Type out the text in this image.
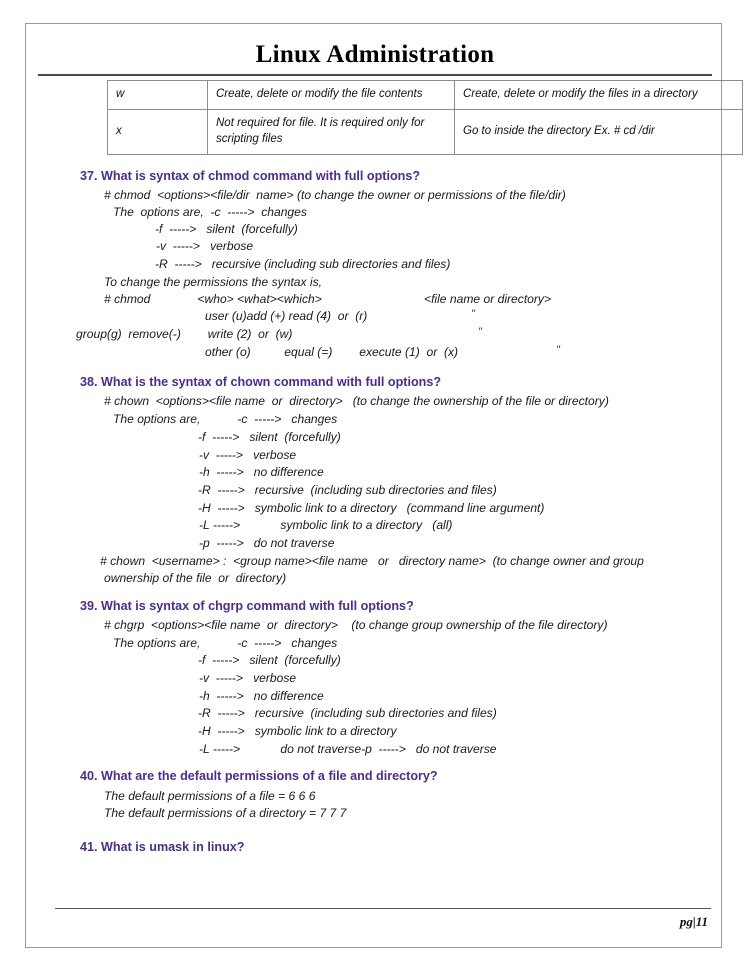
Linux Administration
w	Create, delete or modify the file contents	Create, delete or modify the files in a directory
x	Not required for file. It is required only for scripting files	Go to inside the directory Ex. # cd /dir
37. What is syntax of chmod command with full options?
# chmod  <options><file/dir  name> (to change the owner or permissions of the file/dir)
The  options are,  -c  ----->  changes
-f  ----->   silent  (forcefully)
-v  ----->   verbose
-R  ----->   recursive (including sub directories and files)
To change the permissions the syntax is,
# chmod              <who> <what><which>	<file name or directory>
user (u)add (+) read (4)  or  (r)
group(g)  remove(-)        write (2)  or  (w)
other (o)          equal (=)        execute (1)  or  (x)
"
"
"
38. What is the syntax of chown command with full options?
# chown  <options><file name  or  directory>   (to change the ownership of the file or directory)
The options are,           -c  ----->   changes
-f  ----->   silent  (forcefully)
-v  ----->   verbose
-h  ----->   no difference
-R  ----->   recursive  (including sub directories and files)
-H  ----->   symbolic link to a directory   (command line argument)
-L ----->            symbolic link to a directory   (all)
-p  ----->   do not traverse
# chown  <username> :  <group name><file name   or   directory name>  (to change owner and group
ownership of the file  or  directory)
39. What is syntax of chgrp command with full options?
# chgrp  <options><file name  or  directory>    (to change group ownership of the file directory)
The options are,           -c  ----->   changes
-f  ----->   silent  (forcefully)
-v  ----->   verbose
-h  ----->   no difference
-R  ----->   recursive  (including sub directories and files)
-H  ----->   symbolic link to a directory
-L ----->            do not traverse-p  ----->   do not traverse
40. What are the default permissions of a file and directory?
The default permissions of a file = 6 6 6
The default permissions of a directory = 7 7 7
41. What is umask in linux?
pg|11
